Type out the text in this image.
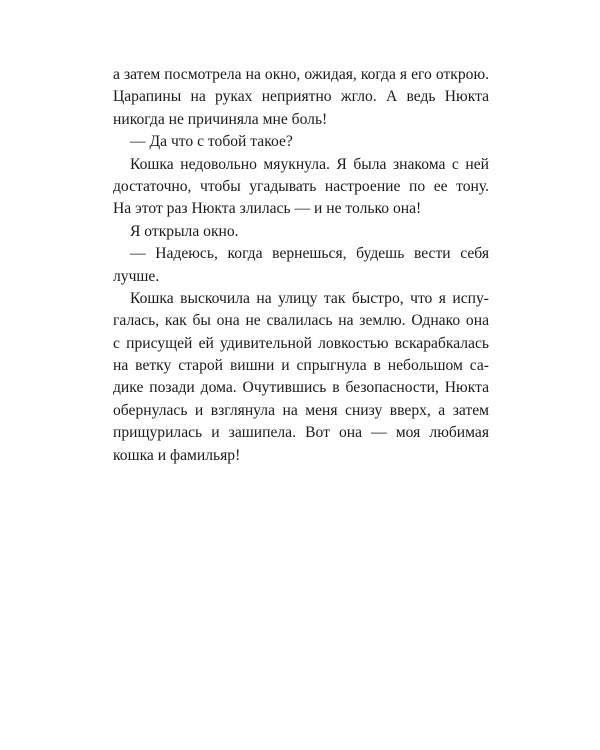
а затем посмотрела на окно, ожидая, когда я его открою.
Царапины на руках неприятно жгло. А ведь Нюкта
никогда не причиняла мне боль!
— Да что с тобой такое?
Кошка недовольно мяукнула. Я была знакома с ней
достаточно, чтобы угадывать настроение по ее тону.
На этот раз Нюкта злилась — и не только она!
Я открыла окно.
— Надеюсь, когда вернешься, будешь вести себя
лучше.
Кошка выскочила на улицу так быстро, что я испу-
галась, как бы она не свалилась на землю. Однако она
с присущей ей удивительной ловкостью вскарабкалась
на ветку старой вишни и спрыгнула в небольшом са-
дике позади дома. Очутившись в безопасности, Нюкта
обернулась и взглянула на меня снизу вверх, а затем
прищурилась и зашипела. Вот она — моя любимая
кошка и фамильяр!
